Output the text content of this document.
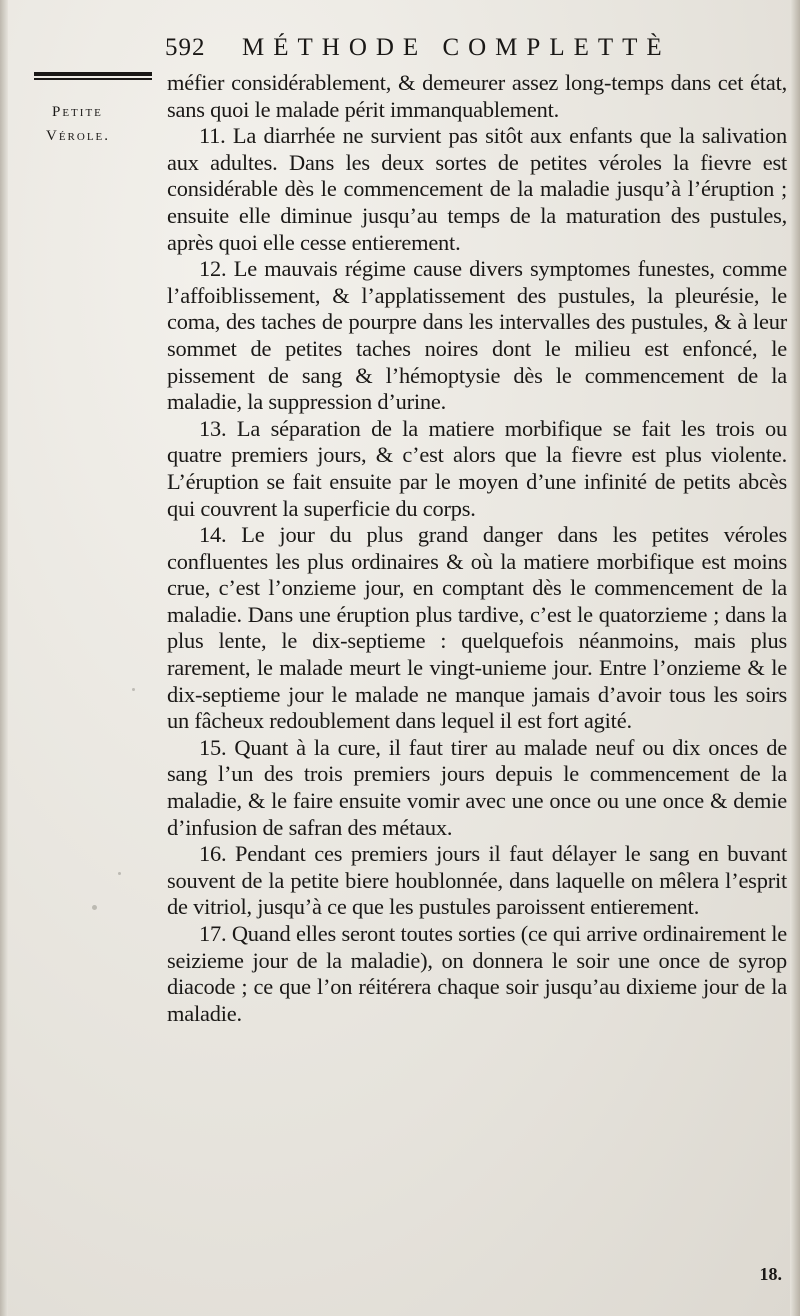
592 MÉTHODE COMPLETTÈ
Petite
Vérole.

méfier considérablement, & demeurer assez long-temps dans cet état, sans quoi le malade périt immanquablement.

11. La diarrhée ne survient pas sitôt aux enfants que la salivation aux adultes. Dans les deux sortes de petites véroles la fievre est considérable dès le commencement de la maladie jusqu’à l’éruption ; ensuite elle diminue jusqu’au temps de la maturation des pustules, après quoi elle cesse entierement.

12. Le mauvais régime cause divers symptomes funestes, comme l’affoiblissement, & l’applatissement des pustules, la pleurésie, le coma, des taches de pourpre dans les intervalles des pustules, & à leur sommet de petites taches noires dont le milieu est enfoncé, le pissement de sang & l’hémoptysie dès le commencement de la maladie, la suppression d’urine.

13. La séparation de la matiere morbifique se fait les trois ou quatre premiers jours, & c’est alors que la fievre est plus violente. L’éruption se fait ensuite par le moyen d’une infinité de petits abcès qui couvrent la superficie du corps.

14. Le jour du plus grand danger dans les petites véroles confluentes les plus ordinaires & où la matiere morbifique est moins crue, c’est l’onzieme jour, en comptant dès le commencement de la maladie. Dans une éruption plus tardive, c’est le quatorzieme ; dans la plus lente, le dix-septieme : quelquefois néanmoins, mais plus rarement, le malade meurt le vingt-unieme jour. Entre l’onzieme & le dix-septieme jour le malade ne manque jamais d’avoir tous les soirs un fâcheux redoublement dans lequel il est fort agité.

15. Quant à la cure, il faut tirer au malade neuf ou dix onces de sang l’un des trois premiers jours depuis le commencement de la maladie, & le faire ensuite vomir avec une once ou une once & demie d’infusion de safran des métaux.

16. Pendant ces premiers jours il faut délayer le sang en buvant souvent de la petite biere houblonnée, dans laquelle on mêlera l’esprit de vitriol, jusqu’à ce que les pustules paroissent entierement.

17. Quand elles seront toutes sorties (ce qui arrive ordinairement le seizieme jour de la maladie), on donnera le soir une once de syrop diacode ; ce que l’on réitérera chaque soir jusqu’au dixieme jour de la maladie.

18.
